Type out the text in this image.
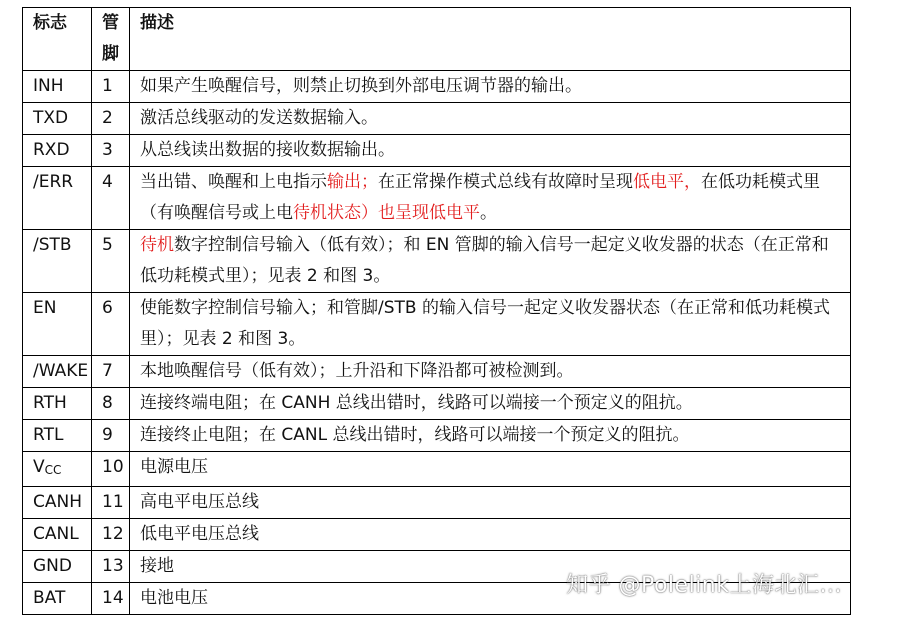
标志	管脚	描述
INH	1	如果产生唤醒信号，则禁止切换到外部电压调节器的输出。
TXD	2	激活总线驱动的发送数据输入。
RXD	3	从总线读出数据的接收数据输出。
/ERR	4	当出错、唤醒和上电指示输出；在正常操作模式总线有故障时呈现低电平，在低功耗模式里（有唤醒信号或上电待机状态）也呈现低电平。
/STB	5	待机数字控制信号输入（低有效）；和 EN 管脚的输入信号一起定义收发器的状态（在正常和低功耗模式里）；见表 2 和图 3。
EN	6	使能数字控制信号输入；和管脚/STB 的输入信号一起定义收发器状态（在正常和低功耗模式里）；见表 2 和图 3。
/WAKE	7	本地唤醒信号（低有效）；上升沿和下降沿都可被检测到。
RTH	8	连接终端电阻；在 CANH 总线出错时，线路可以端接一个预定义的阻抗。
RTL	9	连接终止电阻；在 CANL 总线出错时，线路可以端接一个预定义的阻抗。
VCC	10	电源电压
CANH	11	高电平电压总线
CANL	12	低电平电压总线
GND	13	接地
BAT	14	电池电压	知乎 @Polelink上海北汇...
